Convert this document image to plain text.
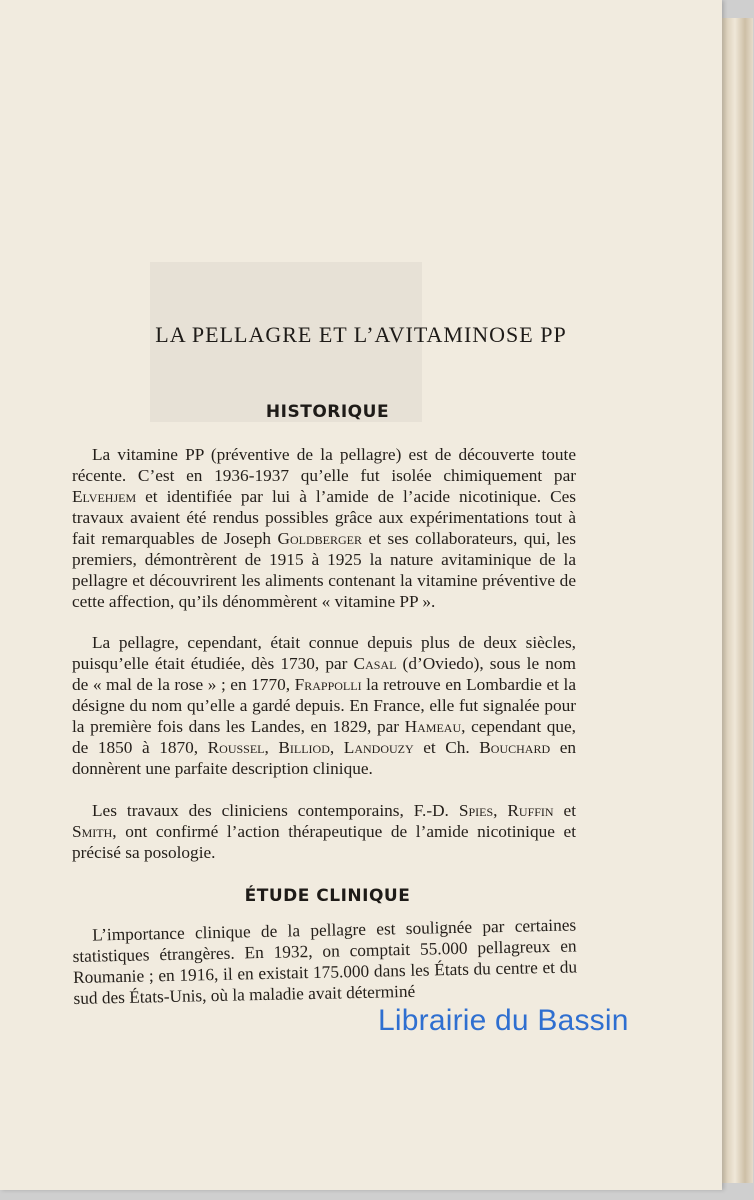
LA PELLAGRE ET L’AVITAMINOSE PP
HISTORIQUE

La vitamine PP (préventive de la pellagre) est de découverte toute récente. C’est en 1936-1937 qu’elle fut isolée chimiquement par Elvehjem et identifiée par lui à l’amide de l’acide nicotinique. Ces travaux avaient été rendus possibles grâce aux expérimentations tout à fait remarquables de Joseph Goldberger et ses collaborateurs, qui, les premiers, démontrèrent de 1915 à 1925 la nature avitaminique de la pellagre et découvrirent les aliments contenant la vitamine préventive de cette affection, qu’ils dénommèrent « vitamine PP ».

La pellagre, cependant, était connue depuis plus de deux siècles, puisqu’elle était étudiée, dès 1730, par Casal (d’Oviedo), sous le nom de « mal de la rose » ; en 1770, Frappolli la retrouve en Lombardie et la désigne du nom qu’elle a gardé depuis. En France, elle fut signalée pour la première fois dans les Landes, en 1829, par Hameau, cependant que, de 1850 à 1870, Roussel, Billiod, Landouzy et Ch. Bouchard en donnèrent une parfaite description clinique.

Les travaux des cliniciens contemporains, F.-D. Spies, Ruffin et Smith, ont confirmé l’action thérapeutique de l’amide nicotinique et précisé sa posologie.

ÉTUDE CLINIQUE

L’importance clinique de la pellagre est soulignée par certaines statistiques étrangères. En 1932, on comptait 55.000 pellagreux en Roumanie ; en 1916, il en existait 175.000 dans les États du centre et du sud des États-Unis, où la maladie avait déterminé

Librairie du Bassin
